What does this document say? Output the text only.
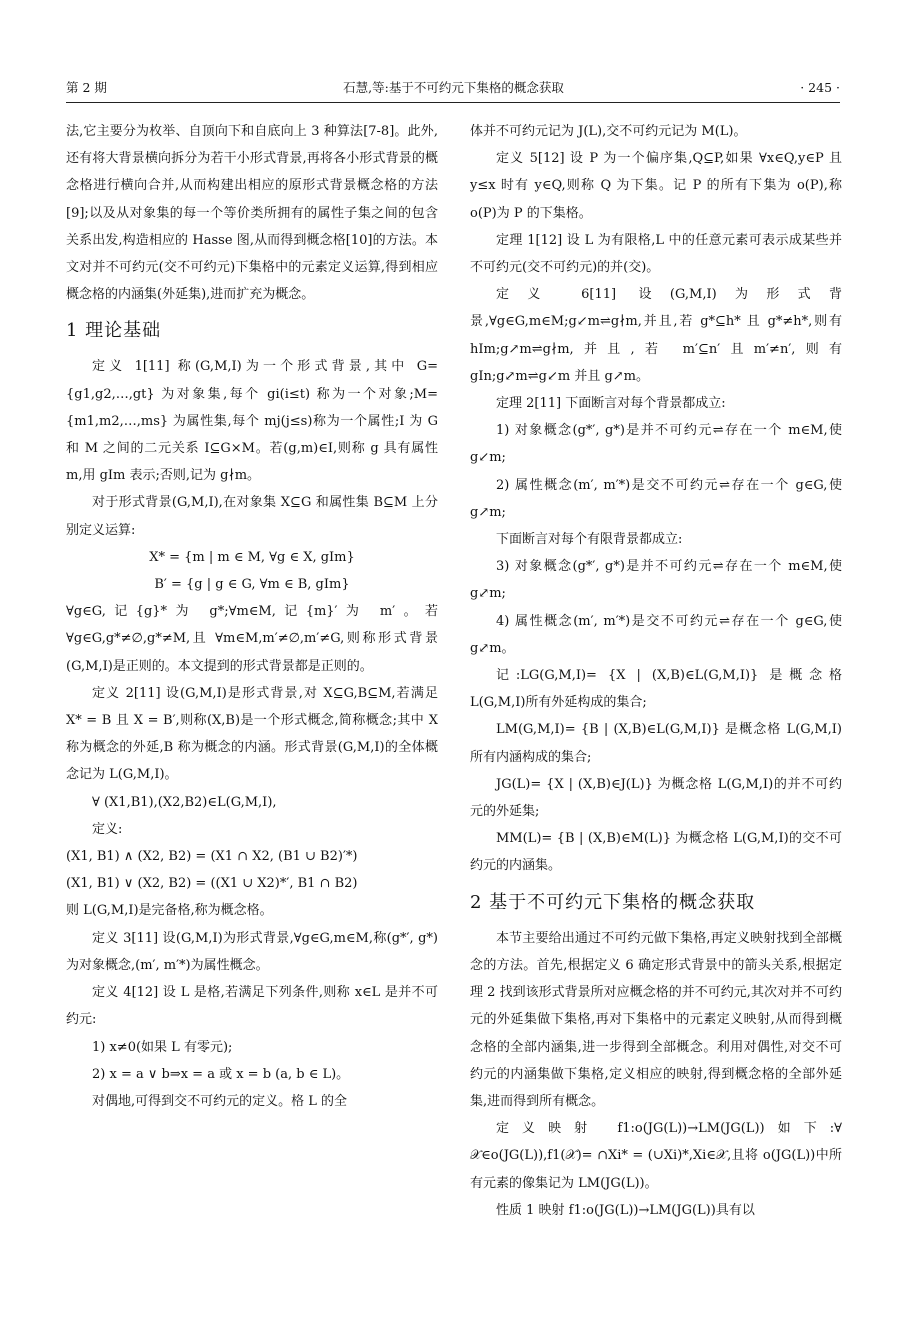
第 2 期	石慧,等:基于不可约元下集格的概念获取	· 245 ·

法,它主要分为枚举、自顶向下和自底向上 3 种算法[7-8]。此外,还有将大背景横向拆分为若干小形式背景,再将各小形式背景的概念格进行横向合并,从而构建出相应的原形式背景概念格的方法[9];以及从对象集的每一个等价类所拥有的属性子集之间的包含关系出发,构造相应的 Hasse 图,从而得到概念格[10]的方法。本文对并不可约元(交不可约元)下集格中的元素定义运算,得到相应概念格的内涵集(外延集),进而扩充为概念。

1 理论基础

定义 1[11] 称(G,M,I)为一个形式背景,其中 G={g1,g2,…,gt} 为对象集,每个 gi(i≤t) 称为一个对象;M={m1,m2,…,ms} 为属性集,每个 mj(j≤s)称为一个属性;I 为 G 和 M 之间的二元关系 I⊆G×M。若(g,m)∈I,则称 g 具有属性 m,用 gIm 表示;否则,记为 g∤m。

对于形式背景(G,M,I),在对象集 X⊆G 和属性集 B⊆M 上分别定义运算:

X* = {m | m ∈ M, ∀g ∈ X, gIm}

B′ = {g | g ∈ G, ∀m ∈ B, gIm}

∀g∈G,记{g}*为 g*;∀m∈M,记{m}′为 m′。若 ∀g∈G,g*≠∅,g*≠M,且 ∀m∈M,m′≠∅,m′≠G,则称形式背景(G,M,I)是正则的。本文提到的形式背景都是正则的。

定义 2[11] 设(G,M,I)是形式背景,对 X⊆G,B⊆M,若满足 X* = B 且 X = B′,则称(X,B)是一个形式概念,简称概念;其中 X 称为概念的外延,B 称为概念的内涵。形式背景(G,M,I)的全体概念记为 L(G,M,I)。

∀ (X1,B1),(X2,B2)∈L(G,M,I),

定义:

(X1, B1) ∧ (X2, B2) = (X1 ∩ X2, (B1 ∪ B2)′*)

(X1, B1) ∨ (X2, B2) = ((X1 ∪ X2)*′, B1 ∩ B2)

则 L(G,M,I)是完备格,称为概念格。

定义 3[11] 设(G,M,I)为形式背景,∀g∈G,m∈M,称(g*′, g*)为对象概念,(m′, m′*)为属性概念。

定义 4[12] 设 L 是格,若满足下列条件,则称 x∈L 是并不可约元:

1) x≠0(如果 L 有零元);

2) x = a ∨ b⇒x = a 或 x = b (a, b ∈ L)。

对偶地,可得到交不可约元的定义。格 L 的全

体并不可约元记为 J(L),交不可约元记为 M(L)。

定义 5[12] 设 P 为一个偏序集,Q⊆P,如果 ∀x∈Q,y∈P 且 y≤x 时有 y∈Q,则称 Q 为下集。记 P 的所有下集为 o(P),称 o(P)为 P 的下集格。

定理 1[12] 设 L 为有限格,L 中的任意元素可表示成某些并不可约元(交不可约元)的并(交)。

定义 6[11] 设(G,M,I)为形式背景,∀g∈G,m∈M;g↙m⇌g∤m,并且,若 g*⊆h* 且 g*≠h*,则有 hIm;g↗m⇌g∤m,并且,若 m′⊆n′且m′≠n′,则有 gIn;g⤢m⇌g↙m 并且 g↗m。

定理 2[11] 下面断言对每个背景都成立:

1) 对象概念(g*′, g*)是并不可约元⇌存在一个 m∈M,使 g↙m;

2) 属性概念(m′, m′*)是交不可约元⇌存在一个 g∈G,使 g↗m;

下面断言对每个有限背景都成立:

3) 对象概念(g*′, g*)是并不可约元⇌存在一个 m∈M,使 g⤢m;

4) 属性概念(m′, m′*)是交不可约元⇌存在一个 g∈G,使 g⤢m。

记:LG(G,M,I)= {X | (X,B)∈L(G,M,I)} 是概念格 L(G,M,I)所有外延构成的集合;

LM(G,M,I)= {B | (X,B)∈L(G,M,I)} 是概念格 L(G,M,I)所有内涵构成的集合;

JG(L)= {X | (X,B)∈J(L)} 为概念格 L(G,M,I)的并不可约元的外延集;

MM(L)= {B | (X,B)∈M(L)} 为概念格 L(G,M,I)的交不可约元的内涵集。

2 基于不可约元下集格的概念获取

本节主要给出通过不可约元做下集格,再定义映射找到全部概念的方法。首先,根据定义 6 确定形式背景中的箭头关系,根据定理 2 找到该形式背景所对应概念格的并不可约元,其次对并不可约元的外延集做下集格,再对下集格中的元素定义映射,从而得到概念格的全部内涵集,进一步得到全部概念。利用对偶性,对交不可约元的内涵集做下集格,定义相应的映射,得到概念格的全部外延集,进而得到所有概念。

定义映射 f1:o(JG(L))→LM(JG(L))如下:∀ 𝒳∈o(JG(L)),f1(𝒳)= ∩Xi* = (∪Xi)*,Xi∈𝒳,且将 o(JG(L))中所有元素的像集记为 LM(JG(L))。

性质 1 映射 f1:o(JG(L))→LM(JG(L))具有以
